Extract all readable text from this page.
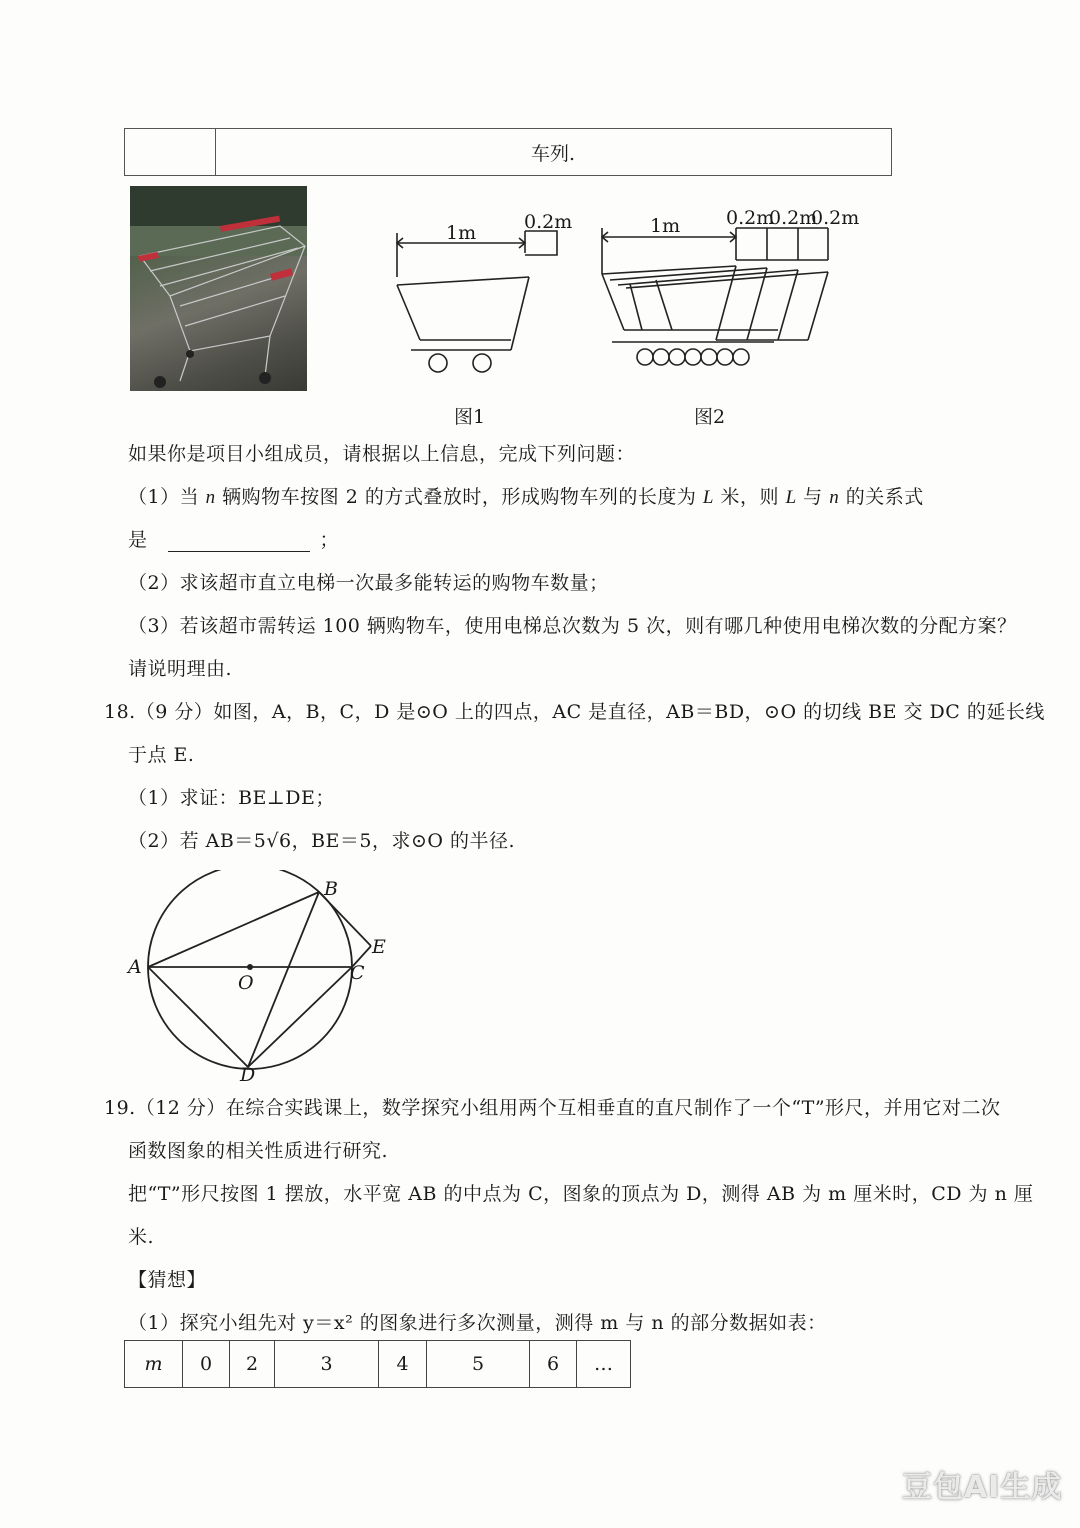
车列.
1m	0.2m
图1
1m 0.2m
0.2m
0.2m
图2
如果你是项目小组成员，请根据以上信息，完成下列问题：
（1）当 n 辆购物车按图 2 的方式叠放时，形成购物车列的长度为 L 米，则 L 与 n 的关系式
是	；
（2）求该超市直立电梯一次最多能转运的购物车数量；
（3）若该超市需转运 100 辆购物车，使用电梯总次数为 5 次，则有哪几种使用电梯次数的分配方案？
请说明理由.
18.（9 分）如图，A，B，C，D 是⊙O 上的四点，AC 是直径，AB＝BD，⊙O 的切线 BE 交 DC 的延长线
于点 E.
（1）求证：BE⊥DE；
（2）若 AB＝5√6，BE＝5，求⊙O 的半径.
A
B
C
D
E
O
19.（12 分）在综合实践课上，数学探究小组用两个互相垂直的直尺制作了一个“T”形尺，并用它对二次
函数图象的相关性质进行研究.
把“T”形尺按图 1 摆放，水平宽 AB 的中点为 C，图象的顶点为 D，测得 AB 为 m 厘米时，CD 为 n 厘
米.
【猜想】
（1）探究小组先对 y＝x² 的图象进行多次测量，测得 m 与 n 的部分数据如表：
m	0	2	3	4	5	6	…
豆包AI生成
